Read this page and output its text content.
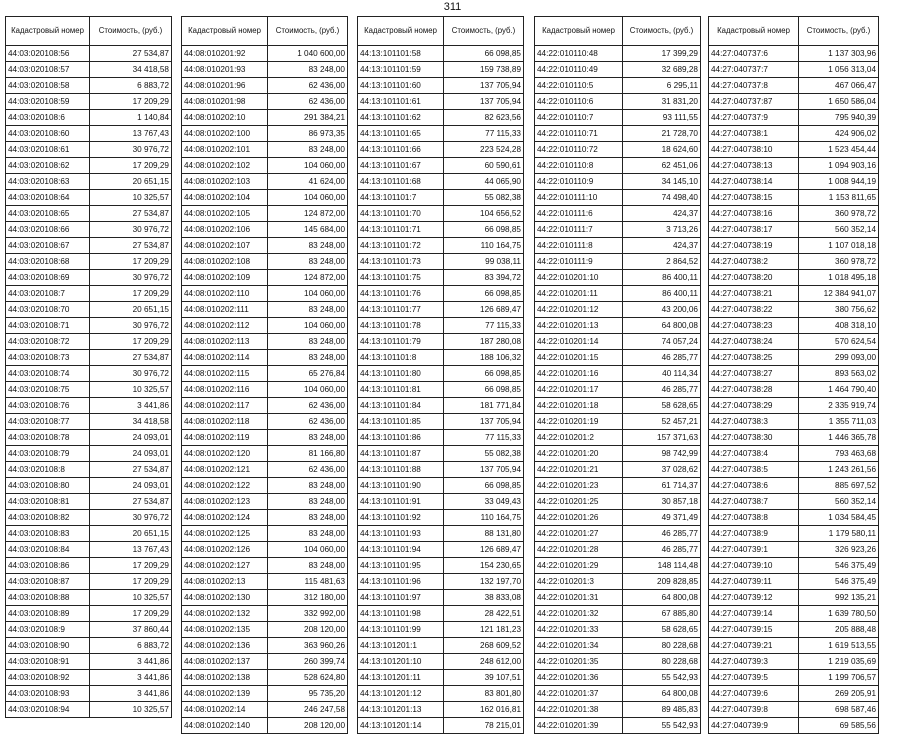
311
Кадастровый номер	Стоимость, (руб.)
44:03:020108:56	27 534,87
44:03:020108:57	34 418,58
44:03:020108:58	6 883,72
44:03:020108:59	17 209,29
44:03:020108:6	1 140,84
44:03:020108:60	13 767,43
44:03:020108:61	30 976,72
44:03:020108:62	17 209,29
44:03:020108:63	20 651,15
44:03:020108:64	10 325,57
44:03:020108:65	27 534,87
44:03:020108:66	30 976,72
44:03:020108:67	27 534,87
44:03:020108:68	17 209,29
44:03:020108:69	30 976,72
44:03:020108:7	17 209,29
44:03:020108:70	20 651,15
44:03:020108:71	30 976,72
44:03:020108:72	17 209,29
44:03:020108:73	27 534,87
44:03:020108:74	30 976,72
44:03:020108:75	10 325,57
44:03:020108:76	3 441,86
44:03:020108:77	34 418,58
44:03:020108:78	24 093,01
44:03:020108:79	24 093,01
44:03:020108:8	27 534,87
44:03:020108:80	24 093,01
44:03:020108:81	27 534,87
44:03:020108:82	30 976,72
44:03:020108:83	20 651,15
44:03:020108:84	13 767,43
44:03:020108:86	17 209,29
44:03:020108:87	17 209,29
44:03:020108:88	10 325,57
44:03:020108:89	17 209,29
44:03:020108:9	37 860,44
44:03:020108:90	6 883,72
44:03:020108:91	3 441,86
44:03:020108:92	3 441,86
44:03:020108:93	3 441,86
44:03:020108:94	10 325,57
Кадастровый номер	Стоимость, (руб.)
44:08:010201:92	1 040 600,00
44:08:010201:93	83 248,00
44:08:010201:96	62 436,00
44:08:010201:98	62 436,00
44:08:010202:10	291 384,21
44:08:010202:100	86 973,35
44:08:010202:101	83 248,00
44:08:010202:102	104 060,00
44:08:010202:103	41 624,00
44:08:010202:104	104 060,00
44:08:010202:105	124 872,00
44:08:010202:106	145 684,00
44:08:010202:107	83 248,00
44:08:010202:108	83 248,00
44:08:010202:109	124 872,00
44:08:010202:110	104 060,00
44:08:010202:111	83 248,00
44:08:010202:112	104 060,00
44:08:010202:113	83 248,00
44:08:010202:114	83 248,00
44:08:010202:115	65 276,84
44:08:010202:116	104 060,00
44:08:010202:117	62 436,00
44:08:010202:118	62 436,00
44:08:010202:119	83 248,00
44:08:010202:120	81 166,80
44:08:010202:121	62 436,00
44:08:010202:122	83 248,00
44:08:010202:123	83 248,00
44:08:010202:124	83 248,00
44:08:010202:125	83 248,00
44:08:010202:126	104 060,00
44:08:010202:127	83 248,00
44:08:010202:13	115 481,63
44:08:010202:130	312 180,00
44:08:010202:132	332 992,00
44:08:010202:135	208 120,00
44:08:010202:136	363 960,26
44:08:010202:137	260 399,74
44:08:010202:138	528 624,80
44:08:010202:139	95 735,20
44:08:010202:14	246 247,58
44:08:010202:140	208 120,00
Кадастровый номер	Стоимость, (руб.)
44:13:101101:58	66 098,85
44:13:101101:59	159 738,89
44:13:101101:60	137 705,94
44:13:101101:61	137 705,94
44:13:101101:62	82 623,56
44:13:101101:65	77 115,33
44:13:101101:66	223 524,28
44:13:101101:67	60 590,61
44:13:101101:68	44 065,90
44:13:101101:7	55 082,38
44:13:101101:70	104 656,52
44:13:101101:71	66 098,85
44:13:101101:72	110 164,75
44:13:101101:73	99 038,11
44:13:101101:75	83 394,72
44:13:101101:76	66 098,85
44:13:101101:77	126 689,47
44:13:101101:78	77 115,33
44:13:101101:79	187 280,08
44:13:101101:8	188 106,32
44:13:101101:80	66 098,85
44:13:101101:81	66 098,85
44:13:101101:84	181 771,84
44:13:101101:85	137 705,94
44:13:101101:86	77 115,33
44:13:101101:87	55 082,38
44:13:101101:88	137 705,94
44:13:101101:90	66 098,85
44:13:101101:91	33 049,43
44:13:101101:92	110 164,75
44:13:101101:93	88 131,80
44:13:101101:94	126 689,47
44:13:101101:95	154 230,65
44:13:101101:96	132 197,70
44:13:101101:97	38 833,08
44:13:101101:98	28 422,51
44:13:101101:99	121 181,23
44:13:101201:1	268 609,52
44:13:101201:10	248 612,00
44:13:101201:11	39 107,51
44:13:101201:12	83 801,80
44:13:101201:13	162 016,81
44:13:101201:14	78 215,01
Кадастровый номер	Стоимость, (руб.)
44:22:010110:48	17 399,29
44:22:010110:49	32 689,28
44:22:010110:5	6 295,11
44:22:010110:6	31 831,20
44:22:010110:7	93 111,55
44:22:010110:71	21 728,70
44:22:010110:72	18 624,60
44:22:010110:8	62 451,06
44:22:010110:9	34 145,10
44:22:010111:10	74 498,40
44:22:010111:6	424,37
44:22:010111:7	3 713,26
44:22:010111:8	424,37
44:22:010111:9	2 864,52
44:22:010201:10	86 400,11
44:22:010201:11	86 400,11
44:22:010201:12	43 200,06
44:22:010201:13	64 800,08
44:22:010201:14	74 057,24
44:22:010201:15	46 285,77
44:22:010201:16	40 114,34
44:22:010201:17	46 285,77
44:22:010201:18	58 628,65
44:22:010201:19	52 457,21
44:22:010201:2	157 371,63
44:22:010201:20	98 742,99
44:22:010201:21	37 028,62
44:22:010201:23	61 714,37
44:22:010201:25	30 857,18
44:22:010201:26	49 371,49
44:22:010201:27	46 285,77
44:22:010201:28	46 285,77
44:22:010201:29	148 114,48
44:22:010201:3	209 828,85
44:22:010201:31	64 800,08
44:22:010201:32	67 885,80
44:22:010201:33	58 628,65
44:22:010201:34	80 228,68
44:22:010201:35	80 228,68
44:22:010201:36	55 542,93
44:22:010201:37	64 800,08
44:22:010201:38	89 485,83
44:22:010201:39	55 542,93
Кадастровый номер	Стоимость, (руб.)
44:27:040737:6	1 137 303,96
44:27:040737:7	1 056 313,04
44:27:040737:8	467 066,47
44:27:040737:87	1 650 586,04
44:27:040737:9	795 940,39
44:27:040738:1	424 906,02
44:27:040738:10	1 523 454,44
44:27:040738:13	1 094 903,16
44:27:040738:14	1 008 944,19
44:27:040738:15	1 153 811,65
44:27:040738:16	360 978,72
44:27:040738:17	560 352,14
44:27:040738:19	1 107 018,18
44:27:040738:2	360 978,72
44:27:040738:20	1 018 495,18
44:27:040738:21	12 384 941,07
44:27:040738:22	380 756,62
44:27:040738:23	408 318,10
44:27:040738:24	570 624,54
44:27:040738:25	299 093,00
44:27:040738:27	893 563,02
44:27:040738:28	1 464 790,40
44:27:040738:29	2 335 919,74
44:27:040738:3	1 355 711,03
44:27:040738:30	1 446 365,78
44:27:040738:4	793 463,68
44:27:040738:5	1 243 261,56
44:27:040738:6	885 697,52
44:27:040738:7	560 352,14
44:27:040738:8	1 034 584,45
44:27:040738:9	1 179 580,11
44:27:040739:1	326 923,26
44:27:040739:10	546 375,49
44:27:040739:11	546 375,49
44:27:040739:12	992 135,21
44:27:040739:14	1 639 780,50
44:27:040739:15	205 888,48
44:27:040739:21	1 619 513,55
44:27:040739:3	1 219 035,69
44:27:040739:5	1 199 706,57
44:27:040739:6	269 205,91
44:27:040739:8	698 587,46
44:27:040739:9	69 585,56
